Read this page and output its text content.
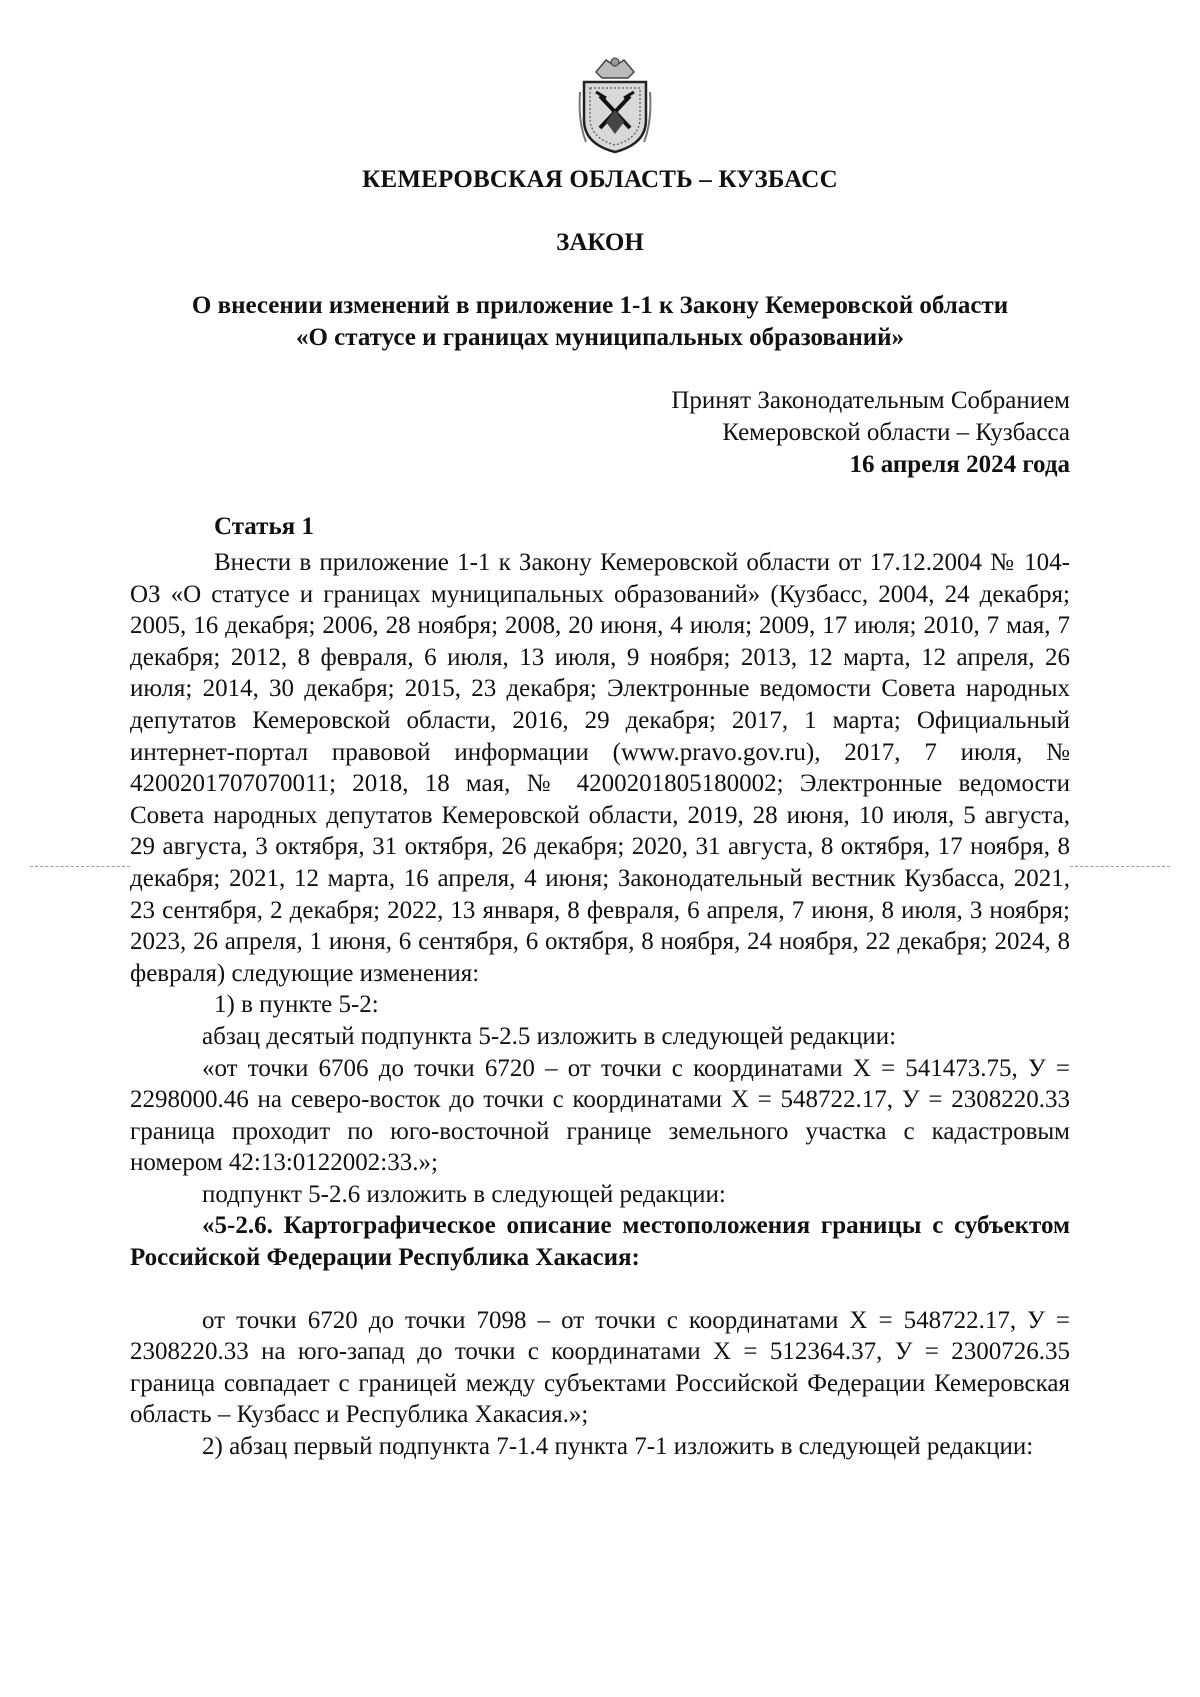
КЕМЕРОВСКАЯ ОБЛАСТЬ – КУЗБАСС
ЗАКОН
О внесении изменений в приложение 1-1 к Закону Кемеровской области
«О статусе и границах муниципальных образований»
Принят Законодательным Собранием
Кемеровской области – Кузбасса
16 апреля 2024 года
Статья 1

Внести в приложение 1-1 к Закону Кемеровской области от 17.12.2004 № 104-ОЗ «О статусе и границах муниципальных образований» (Кузбасс, 2004, 24 декабря; 2005, 16 декабря; 2006, 28 ноября; 2008, 20 июня, 4 июля; 2009, 17 июля; 2010, 7 мая, 7 декабря; 2012, 8 февраля, 6 июля, 13 июля, 9 ноября; 2013, 12 марта, 12 апреля, 26 июля; 2014, 30 декабря; 2015, 23 декабря; Электронные ведомости Совета народных депутатов Кемеровской области, 2016, 29 декабря; 2017, 1 марта; Официальный интернет-портал правовой информации (www.pravo.gov.ru), 2017, 7 июля, № 4200201707070011; 2018, 18 мая, № 4200201805180002; Электронные ведомости Совета народных депутатов Кемеровской области, 2019, 28 июня, 10 июля, 5 августа, 29 августа, 3 октября, 31 октября, 26 декабря; 2020, 31 августа, 8 октября, 17 ноября, 8 декабря; 2021, 12 марта, 16 апреля, 4 июня; Законодательный вестник Кузбасса, 2021, 23 сентября, 2 декабря; 2022, 13 января, 8 февраля, 6 апреля, 7 июня, 8 июля, 3 ноября; 2023, 26 апреля, 1 июня, 6 сентября, 6 октября, 8 ноября, 24 ноября, 22 декабря; 2024, 8 февраля) следующие изменения:

1) в пункте 5-2:

абзац десятый подпункта 5-2.5 изложить в следующей редакции:

«от точки 6706 до точки 6720 – от точки с координатами Х = 541473.75, У = 2298000.46 на северо-восток до точки с координатами Х = 548722.17, У = 2308220.33 граница проходит по юго-восточной границе земельного участка с кадастровым номером 42:13:0122002:33.»;

подпункт 5-2.6 изложить в следующей редакции:

«5-2.6. Картографическое описание местоположения границы с субъектом Российской Федерации Республика Хакасия:

от точки 6720 до точки 7098 – от точки с координатами Х = 548722.17, У = 2308220.33 на юго-запад до точки с координатами Х = 512364.37, У = 2300726.35 граница совпадает с границей между субъектами Российской Федерации Кемеровская область – Кузбасс и Республика Хакасия.»;

2) абзац первый подпункта 7-1.4 пункта 7-1 изложить в следующей редакции:
